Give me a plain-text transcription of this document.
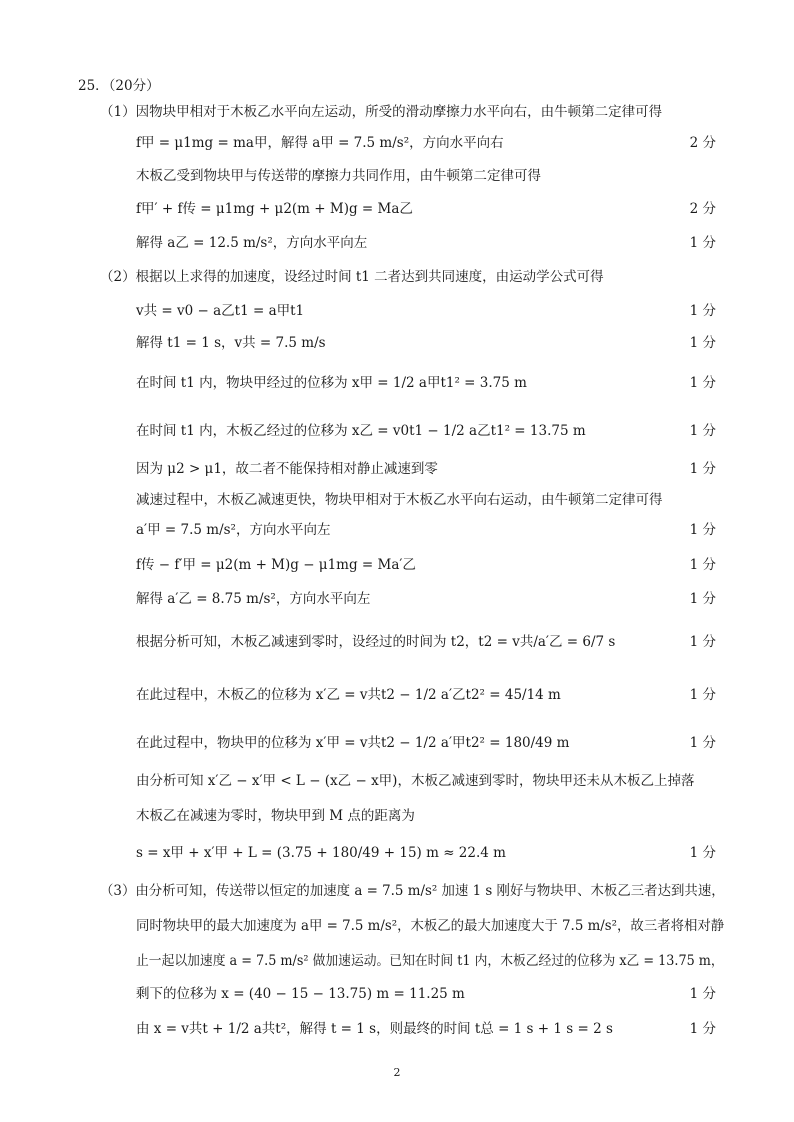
25．（20分）
（1）因物块甲相对于木板乙水平向左运动，所受的滑动摩擦力水平向右，由牛顿第二定律可得
f甲 = μ1mg = ma甲，解得 a甲 = 7.5 m/s²，方向水平向右	2 分
木板乙受到物块甲与传送带的摩擦力共同作用，由牛顿第二定律可得
f甲′ + f传 = μ1mg + μ2(m + M)g = Ma乙	2 分
解得 a乙 = 12.5 m/s²，方向水平向左	1 分
（2）根据以上求得的加速度，设经过时间 t1 二者达到共同速度，由运动学公式可得
v共 = v0 − a乙t1 = a甲t1	1 分
解得 t1 = 1 s，v共 = 7.5 m/s	1 分
在时间 t1 内，物块甲经过的位移为 x甲 = 1/2 a甲t1² = 3.75 m	1 分
在时间 t1 内，木板乙经过的位移为 x乙 = v0t1 − 1/2 a乙t1² = 13.75 m	1 分
因为 μ2 > μ1，故二者不能保持相对静止减速到零	1 分
减速过程中，木板乙减速更快，物块甲相对于木板乙水平向右运动，由牛顿第二定律可得
a′甲 = 7.5 m/s²，方向水平向左	1 分
f传 − f′甲 = μ2(m + M)g − μ1mg = Ma′乙	1 分
解得 a′乙 = 8.75 m/s²，方向水平向左	1 分
根据分析可知，木板乙减速到零时，设经过的时间为 t2，t2 = v共/a′乙 = 6/7 s	1 分
在此过程中，木板乙的位移为 x′乙 = v共t2 − 1/2 a′乙t2² = 45/14 m	1 分
在此过程中，物块甲的位移为 x′甲 = v共t2 − 1/2 a′甲t2² = 180/49 m	1 分
由分析可知 x′乙 − x′甲 < L − (x乙 − x甲)，木板乙减速到零时，物块甲还未从木板乙上掉落
木板乙在减速为零时，物块甲到 M 点的距离为
s = x甲 + x′甲 + L = (3.75 + 180/49 + 15) m ≈ 22.4 m	1 分
（3）由分析可知，传送带以恒定的加速度 a = 7.5 m/s² 加速 1 s 刚好与物块甲、木板乙三者达到共速，
同时物块甲的最大加速度为 a甲 = 7.5 m/s²，木板乙的最大加速度大于 7.5 m/s²，故三者将相对静
止一起以加速度 a = 7.5 m/s² 做加速运动。已知在时间 t1 内，木板乙经过的位移为 x乙 = 13.75 m，
剩下的位移为 x = (40 − 15 − 13.75) m = 11.25 m	1 分
由 x = v共t + 1/2 a共t²，解得 t = 1 s，则最终的时间 t总 = 1 s + 1 s = 2 s	1 分
2
